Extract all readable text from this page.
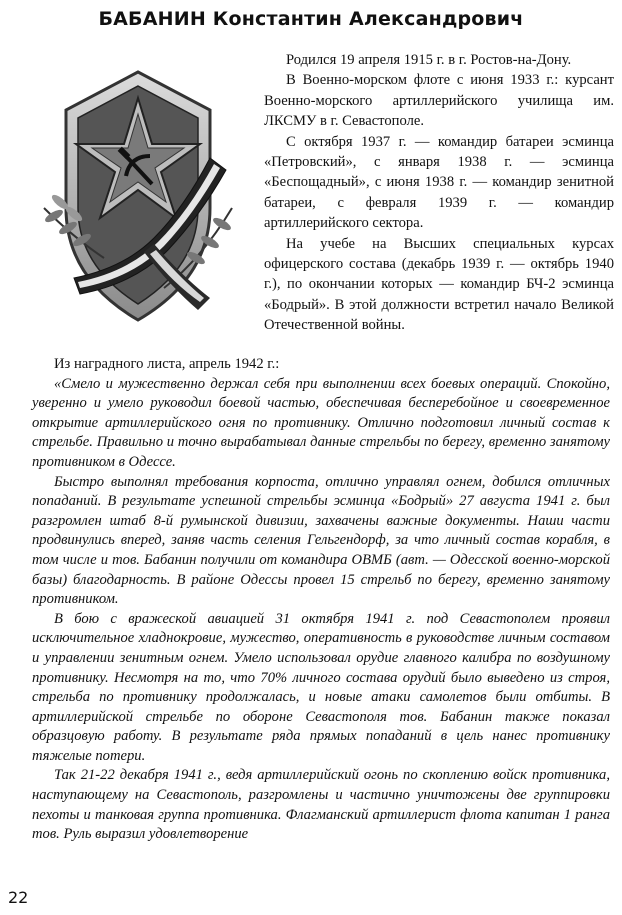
БАБАНИН Константин Александрович

Родился 19 апреля 1915 г. в г. Ростов-на-Дону.

В Военно-морском флоте с июня 1933 г.: курсант Военно-морского артиллерийского училища им. ЛКСМУ в г. Севастополе.

С октября 1937 г. — командир батареи эсминца «Петровский», с января 1938 г. — эсминца «Беспощадный», с июня 1938 г. — командир зенитной батареи, с февраля 1939 г. — командир артиллерийского сектора.

На учебе на Высших специальных курсах офицерского состава (декабрь 1939 г. — октябрь 1940 г.), по окончании которых — командир БЧ-2 эсминца «Бодрый». В этой должности встретил начало Великой Отечественной войны.

Из наградного листа, апрель 1942 г.:

«Смело и мужественно держал себя при выполнении всех боевых операций. Спокойно, уверенно и умело руководил боевой частью, обеспечивая бесперебойное и своевременное открытие артиллерийского огня по противнику. Отлично подготовил личный состав к стрельбе. Правильно и точно вырабатывал данные стрельбы по берегу, временно занятому противником в Одессе.

Быстро выполнял требования корпоста, отлично управлял огнем, добился отличных попаданий. В результате успешной стрельбы эсминца «Бодрый» 27 августа 1941 г. был разгромлен штаб 8-й румынской дивизии, захвачены важные документы. Наши части продвинулись вперед, заняв часть селения Гельгендорф, за что личный состав корабля, в том числе и тов. Бабанин получили от командира ОВМБ (авт. — Одесской военно-морской базы) благодарность. В районе Одессы провел 15 стрельб по берегу, временно занятому противником.

В бою с вражеской авиацией 31 октября 1941 г. под Севастополем проявил исключительное хладнокровие, мужество, оперативность в руководстве личным составом и управлении зенитным огнем. Умело использовал орудие главного калибра по воздушному противнику. Несмотря на то, что 70% личного состава орудий было выведено из строя, стрельба по противнику продолжалась, и новые атаки самолетов были отбиты. В артиллерийской стрельбе по обороне Севастополя тов. Бабанин также показал образцовую работу. В результате ряда прямых попаданий в цель нанес противнику тяжелые потери.

Так 21-22 декабря 1941 г., ведя артиллерийский огонь по скоплению войск противника, наступающему на Севастополь, разгромлены и частично уничтожены две группировки пехоты и танковая группа противника. Флагманский артиллерист флота капитан 1 ранга тов. Руль выразил удовлетворение

22
